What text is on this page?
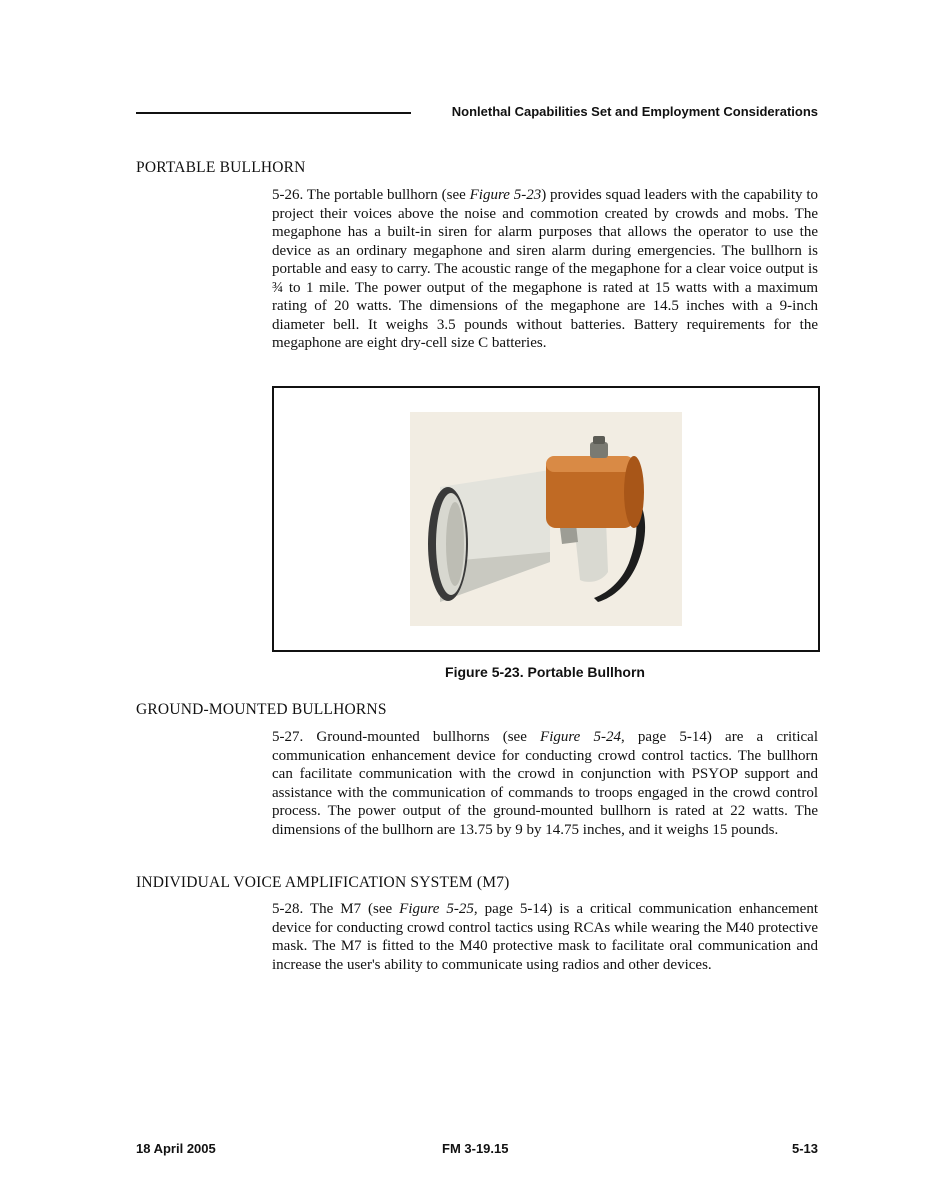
Nonlethal Capabilities Set and Employment Considerations
PORTABLE BULLHORN

5-26. The portable bullhorn (see Figure 5-23) provides squad leaders with the capability to project their voices above the noise and commotion created by crowds and mobs. The megaphone has a built-in siren for alarm purposes that allows the operator to use the device as an ordinary megaphone and siren alarm during emergencies. The bullhorn is portable and easy to carry. The acoustic range of the megaphone for a clear voice output is ¾ to 1 mile. The power output of the megaphone is rated at 15 watts with a maximum rating of 20 watts. The dimensions of the megaphone are 14.5 inches with a 9-inch diameter bell. It weighs 3.5 pounds without batteries. Battery requirements for the megaphone are eight dry-cell size C batteries.

Figure 5-23. Portable Bullhorn
GROUND-MOUNTED BULLHORNS

5-27. Ground-mounted bullhorns (see Figure 5-24, page 5-14) are a critical communication enhancement device for conducting crowd control tactics. The bullhorn can facilitate communication with the crowd in conjunction with PSYOP support and assistance with the communication of commands to troops engaged in the crowd control process. The power output of the ground-mounted bullhorn is rated at 22 watts. The dimensions of the bullhorn are 13.75 by 9 by 14.75 inches, and it weighs 15 pounds.

INDIVIDUAL VOICE AMPLIFICATION SYSTEM (M7)

5-28. The M7 (see Figure 5-25, page 5-14) is a critical communication enhancement device for conducting crowd control tactics using RCAs while wearing the M40 protective mask. The M7 is fitted to the M40 protective mask to facilitate oral communication and increase the user's ability to communicate using radios and other devices.

18 April 2005	FM 3-19.15	5-13
